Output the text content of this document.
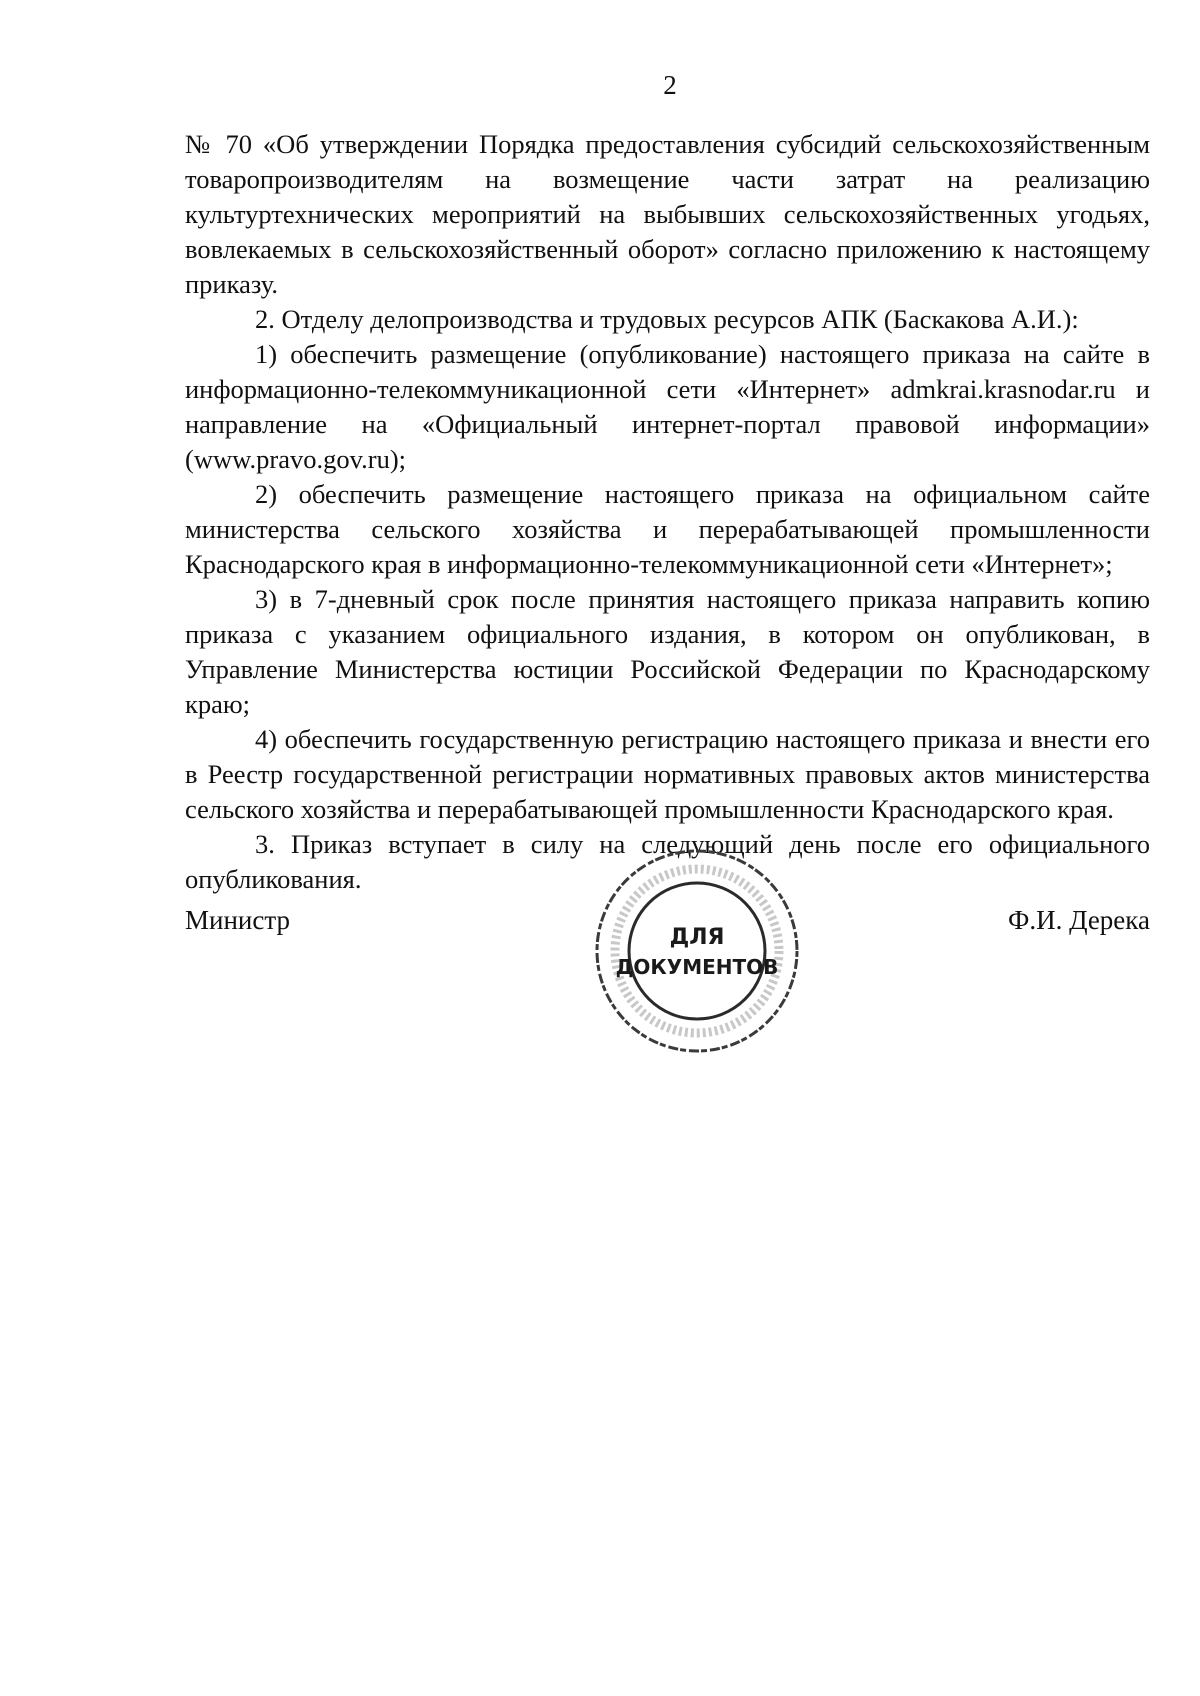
2

№ 70 «Об утверждении Порядка предоставления субсидий сельскохозяйственным товаропроизводителям на возмещение части затрат на реализацию культуртехнических мероприятий на выбывших сельскохозяйственных угодьях, вовлекаемых в сельскохозяйственный оборот» согласно приложению к настоящему приказу.

2. Отделу делопроизводства и трудовых ресурсов АПК (Баскакова А.И.):

1) обеспечить размещение (опубликование) настоящего приказа на сайте в информационно-телекоммуникационной сети «Интернет» admkrai.krasnodar.ru и направление на «Официальный интернет-портал правовой информации» (www.pravo.gov.ru);

2) обеспечить размещение настоящего приказа на официальном сайте министерства сельского хозяйства и перерабатывающей промышленности Краснодарского края в информационно-телекоммуникационной сети «Интернет»;

3) в 7-дневный срок после принятия настоящего приказа направить копию приказа с указанием официального издания, в котором он опубликован, в Управление Министерства юстиции Российской Федерации по Краснодарскому краю;

4) обеспечить государственную регистрацию настоящего приказа и внести его в Реестр государственной регистрации нормативных правовых актов министерства сельского хозяйства и перерабатывающей промышленности Краснодарского края.

3. Приказ вступает в силу на следующий день после его официального опубликования.

Министр	Ф.И. Дерека
ДЛЯ
ДОКУМЕНТОВ
